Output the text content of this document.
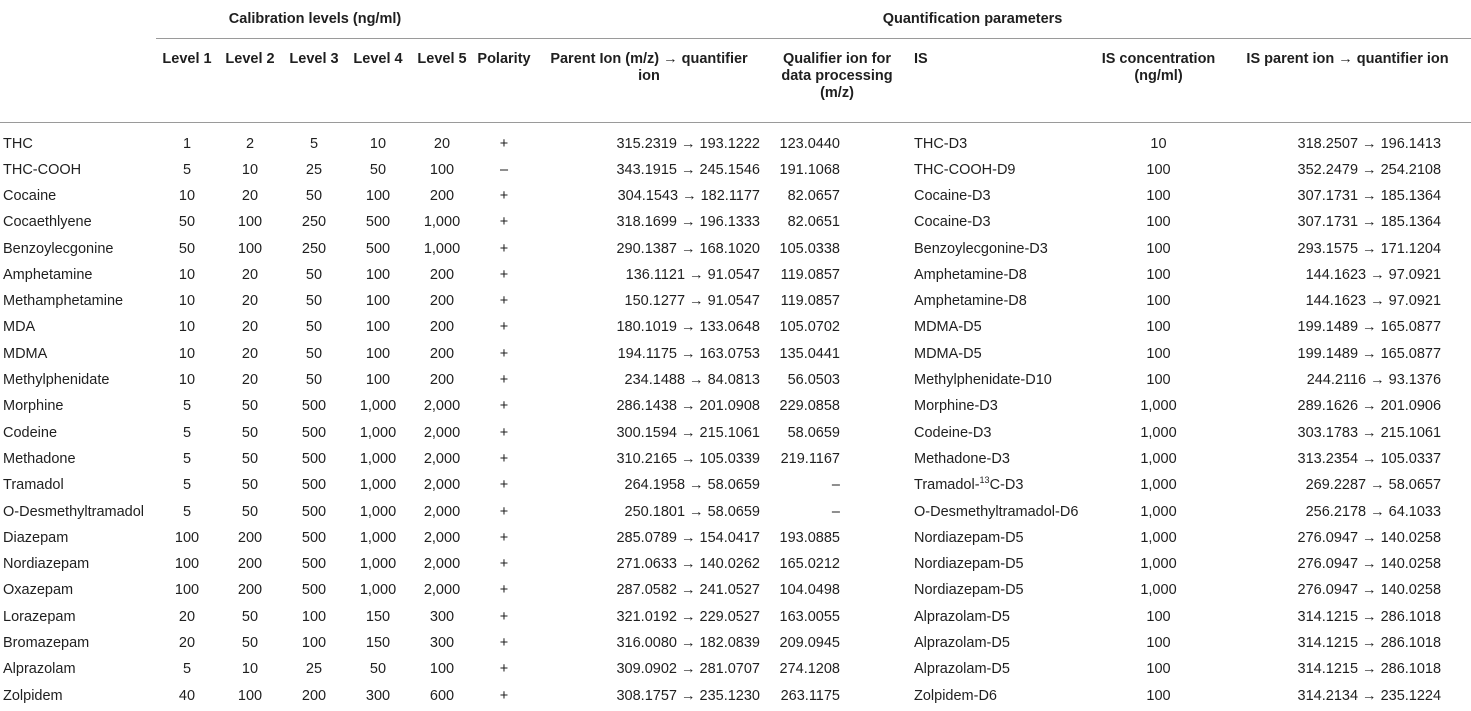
	Calibration levels (ng/ml)					Quantification parameters					
	Level 1	Level 2	Level 3	Level 4	Level 5	Polarity	Parent Ion (m/z) → quantifier ion	Qualifier ion for data processing (m/z)	IS	IS concentration (ng/ml)	IS parent ion → quantifier ion
THC	1	2	5	10	20	+	315.2319 → 193.1222	123.0440	THC-D3	10	318.2507 → 196.1413
THC-COOH	5	10	25	50	100	–	343.1915 → 245.1546	191.1068	THC-COOH-D9	100	352.2479 → 254.2108
Cocaine	10	20	50	100	200	+	304.1543 → 182.1177	82.0657	Cocaine-D3	100	307.1731 → 185.1364
Cocaethlyene	50	100	250	500	1,000	+	318.1699 → 196.1333	82.0651	Cocaine-D3	100	307.1731 → 185.1364
Benzoylecgonine	50	100	250	500	1,000	+	290.1387 → 168.1020	105.0338	Benzoylecgonine-D3	100	293.1575 → 171.1204
Amphetamine	10	20	50	100	200	+	136.1121 → 91.0547	119.0857	Amphetamine-D8	100	144.1623 → 97.0921
Methamphetamine	10	20	50	100	200	+	150.1277 → 91.0547	119.0857	Amphetamine-D8	100	144.1623 → 97.0921
MDA	10	20	50	100	200	+	180.1019 → 133.0648	105.0702	MDMA-D5	100	199.1489 → 165.0877
MDMA	10	20	50	100	200	+	194.1175 → 163.0753	135.0441	MDMA-D5	100	199.1489 → 165.0877
Methylphenidate	10	20	50	100	200	+	234.1488 → 84.0813	56.0503	Methylphenidate-D10	100	244.2116 → 93.1376
Morphine	5	50	500	1,000	2,000	+	286.1438 → 201.0908	229.0858	Morphine-D3	1,000	289.1626 → 201.0906
Codeine	5	50	500	1,000	2,000	+	300.1594 → 215.1061	58.0659	Codeine-D3	1,000	303.1783 → 215.1061
Methadone	5	50	500	1,000	2,000	+	310.2165 → 105.0339	219.1167	Methadone-D3	1,000	313.2354 → 105.0337
Tramadol	5	50	500	1,000	2,000	+	264.1958 → 58.0659	–	Tramadol-$^{13}$C-D3	1,000	269.2287 → 58.0657
O-Desmethyltramadol	5	50	500	1,000	2,000	+	250.1801 → 58.0659	–	O-Desmethyltramadol-D6	1,000	256.2178 → 64.1033
Diazepam	100	200	500	1,000	2,000	+	285.0789 → 154.0417	193.0885	Nordiazepam-D5	1,000	276.0947 → 140.0258
Nordiazepam	100	200	500	1,000	2,000	+	271.0633 → 140.0262	165.0212	Nordiazepam-D5	1,000	276.0947 → 140.0258
Oxazepam	100	200	500	1,000	2,000	+	287.0582 → 241.0527	104.0498	Nordiazepam-D5	1,000	276.0947 → 140.0258
Lorazepam	20	50	100	150	300	+	321.0192 → 229.0527	163.0055	Alprazolam-D5	100	314.1215 → 286.1018
Bromazepam	20	50	100	150	300	+	316.0080 → 182.0839	209.0945	Alprazolam-D5	100	314.1215 → 286.1018
Alprazolam	5	10	25	50	100	+	309.0902 → 281.0707	274.1208	Alprazolam-D5	100	314.1215 → 286.1018
Zolpidem	40	100	200	300	600	+	308.1757 → 235.1230	263.1175	Zolpidem-D6	100	314.2134 → 235.1224
